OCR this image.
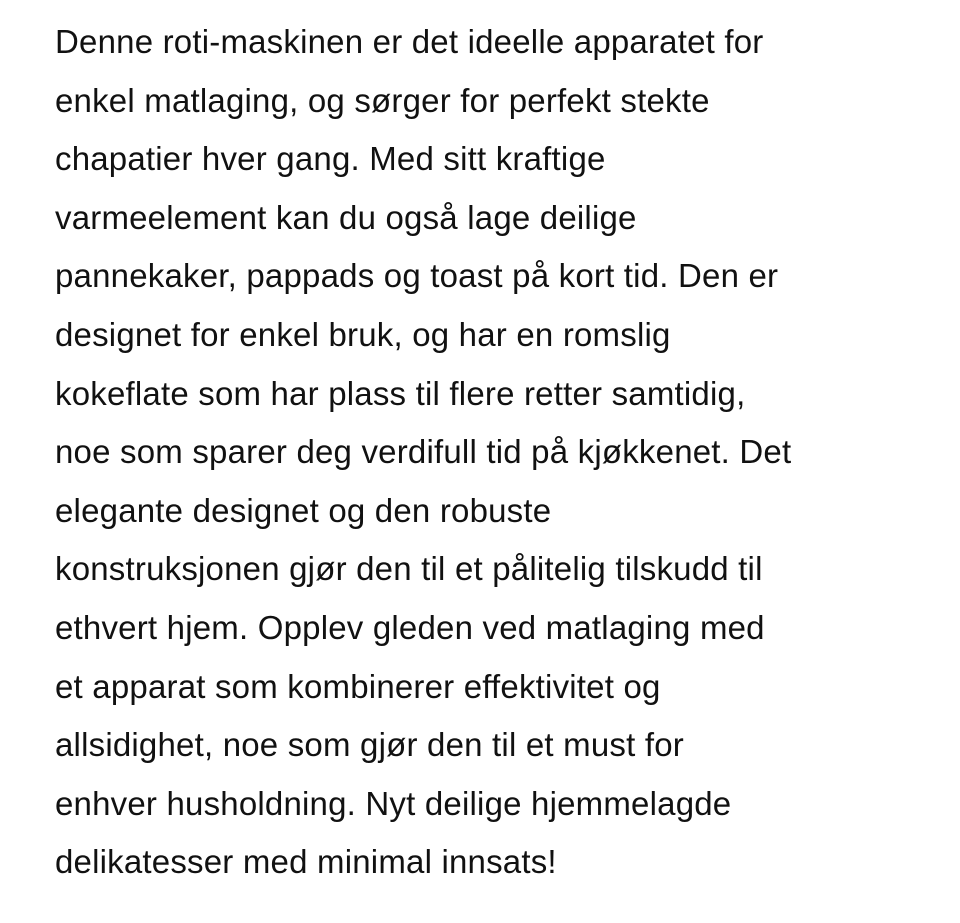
Denne roti-maskinen er det ideelle apparatet for
enkel matlaging, og sørger for perfekt stekte
chapatier hver gang. Med sitt kraftige
varmeelement kan du også lage deilige
pannekaker, pappads og toast på kort tid. Den er
designet for enkel bruk, og har en romslig
kokeflate som har plass til flere retter samtidig,
noe som sparer deg verdifull tid på kjøkkenet. Det
elegante designet og den robuste
konstruksjonen gjør den til et pålitelig tilskudd til
ethvert hjem. Opplev gleden ved matlaging med
et apparat som kombinerer effektivitet og
allsidighet, noe som gjør den til et must for
enhver husholdning. Nyt deilige hjemmelagde
delikatesser med minimal innsats!
